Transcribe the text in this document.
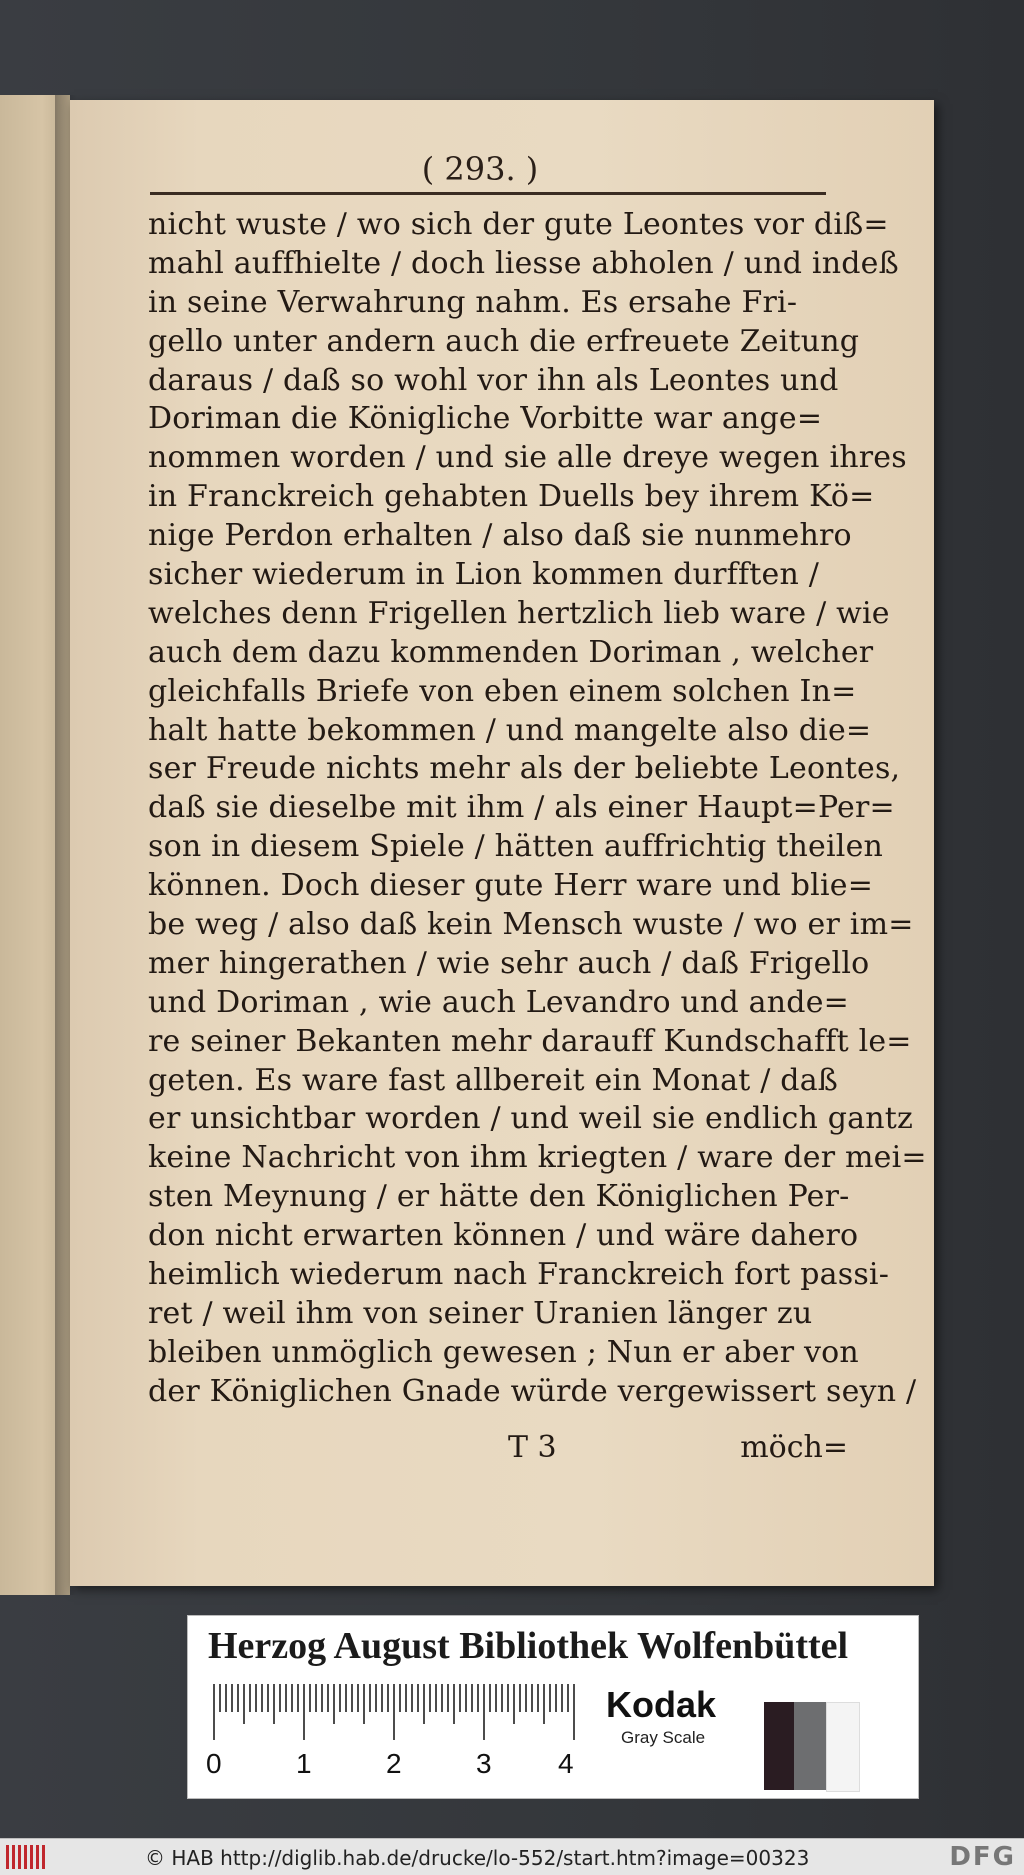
( 293. )
nicht wuste / wo sich der gute Leontes vor diß=
mahl auffhielte / doch liesse abholen / und indeß
in seine Verwahrung nahm. Es ersahe Fri-
gello unter andern auch die erfreuete Zeitung
daraus / daß so wohl vor ihn als Leontes und
Doriman die Königliche Vorbitte war ange=
nommen worden / und sie alle dreye wegen ihres
in Franckreich gehabten Duells bey ihrem Kö=
nige Perdon erhalten / also daß sie nunmehro
sicher wiederum in Lion kommen durfften /
welches denn Frigellen hertzlich lieb ware / wie
auch dem dazu kommenden Doriman , welcher
gleichfalls Briefe von eben einem solchen In=
halt hatte bekommen / und mangelte also die=
ser Freude nichts mehr als der beliebte Leontes,
daß sie dieselbe mit ihm / als einer Haupt=Per=
son in diesem Spiele / hätten auffrichtig theilen
können. Doch dieser gute Herr ware und blie=
be weg / also daß kein Mensch wuste / wo er im=
mer hingerathen / wie sehr auch / daß Frigello
und Doriman , wie auch Levandro und ande=
re seiner Bekanten mehr darauff Kundschafft le=
geten. Es ware fast allbereit ein Monat / daß
er unsichtbar worden / und weil sie endlich gantz
keine Nachricht von ihm kriegten / ware der mei=
sten Meynung / er hätte den Königlichen Per-
don nicht erwarten können / und wäre dahero
heimlich wiederum nach Franckreich fort passi-
ret / weil ihm von seiner Uranien länger zu
bleiben unmöglich gewesen ; Nun er aber von
der Königlichen Gnade würde vergewissert seyn /
T 3	möch=
Herzog August Bibliothek Wolfenbüttel
0	1	2	3 4
Kodak
Gray Scale
© HAB http://diglib.hab.de/drucke/lo-552/start.htm?image=00323	DFG
